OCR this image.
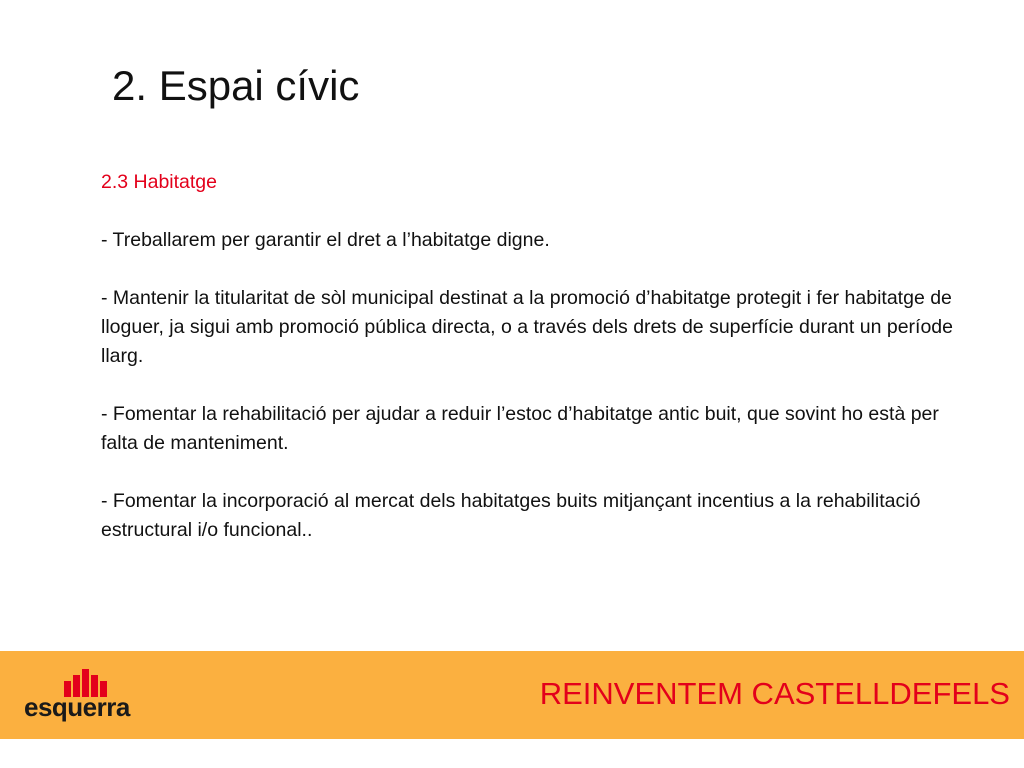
2. Espai cívic

2.3 Habitatge

- Treballarem per garantir el dret a l’habitatge digne.

- Mantenir la titularitat de sòl municipal destinat a la promoció d’habitatge protegit i fer habitatge de lloguer, ja sigui amb promoció pública directa, o a través dels drets de superfície durant un període llarg.

- Fomentar la rehabilitació per ajudar a reduir l’estoc d’habitatge antic buit, que sovint ho està per falta de manteniment.

- Fomentar la incorporació al mercat dels habitatges buits mitjançant incentius a la rehabilitació estructural i/o funcional..

esquerra	REINVENTEM CASTELLDEFELS
